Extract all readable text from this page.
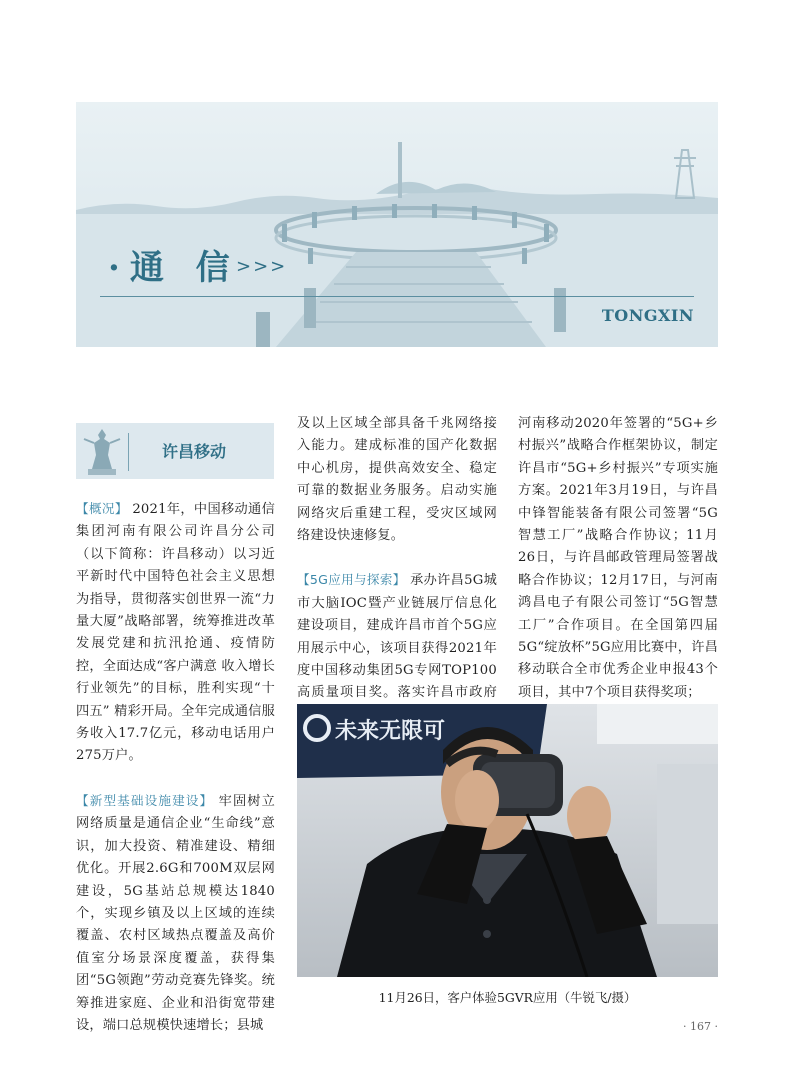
·通 信
>>>
TONGXIN
许昌移动

【概况】 2021年，中国移动通信集团河南有限公司许昌分公司（以下简称：许昌移动）以习近平新时代中国特色社会主义思想为指导，贯彻落实创世界一流“力量大厦”战略部署，统筹推进改革发展党建和抗汛抢通、疫情防控，全面达成“客户满意 收入增长 行业领先”的目标，胜利实现“十四五” 精彩开局。全年完成通信服务收入17.7亿元，移动电话用户275万户。

【新型基础设施建设】 牢固树立网络质量是通信企业“生命线”意识，加大投资、精准建设、精细优化。开展2.6G和700M双层网建设，5G基站总规模达1840个，实现乡镇及以上区域的连续覆盖、农村区域热点覆盖及高价值室分场景深度覆盖，获得集团“5G领跑”劳动竞赛先锋奖。统筹推进家庭、企业和沿街宽带建设，端口总规模快速增长；县城

及以上区域全部具备千兆网络接入能力。建成标准的国产化数据中心机房，提供高效安全、稳定可靠的数据业务服务。启动实施网络灾后重建工程，受灾区域网络建设快速修复。

【5G应用与探索】 承办许昌5G城市大脑IOC暨产业链展厅信息化建设项目，建成许昌市首个5G应用展示中心，该项目获得2021年度中国移动集团5G专网TOP100高质量项目奖。落实许昌市政府

河南移动2020年签署的“5G+乡村振兴”战略合作框架协议，制定许昌市“5G+乡村振兴”专项实施方案。2021年3月19日，与许昌中锋智能装备有限公司签署“5G智慧工厂”战略合作协议；11月26日，与许昌邮政管理局签署战略合作协议；12月17日，与河南鸿昌电子有限公司签订“5G智慧工厂”合作项目。在全国第四届5G“绽放杯”5G应用比赛中，许昌移动联合全市优秀企业申报43个项目，其中7个项目获得奖项；

未来无限可
11月26日，客户体验5GVR应用（牛锐飞/摄）
· 167 ·
